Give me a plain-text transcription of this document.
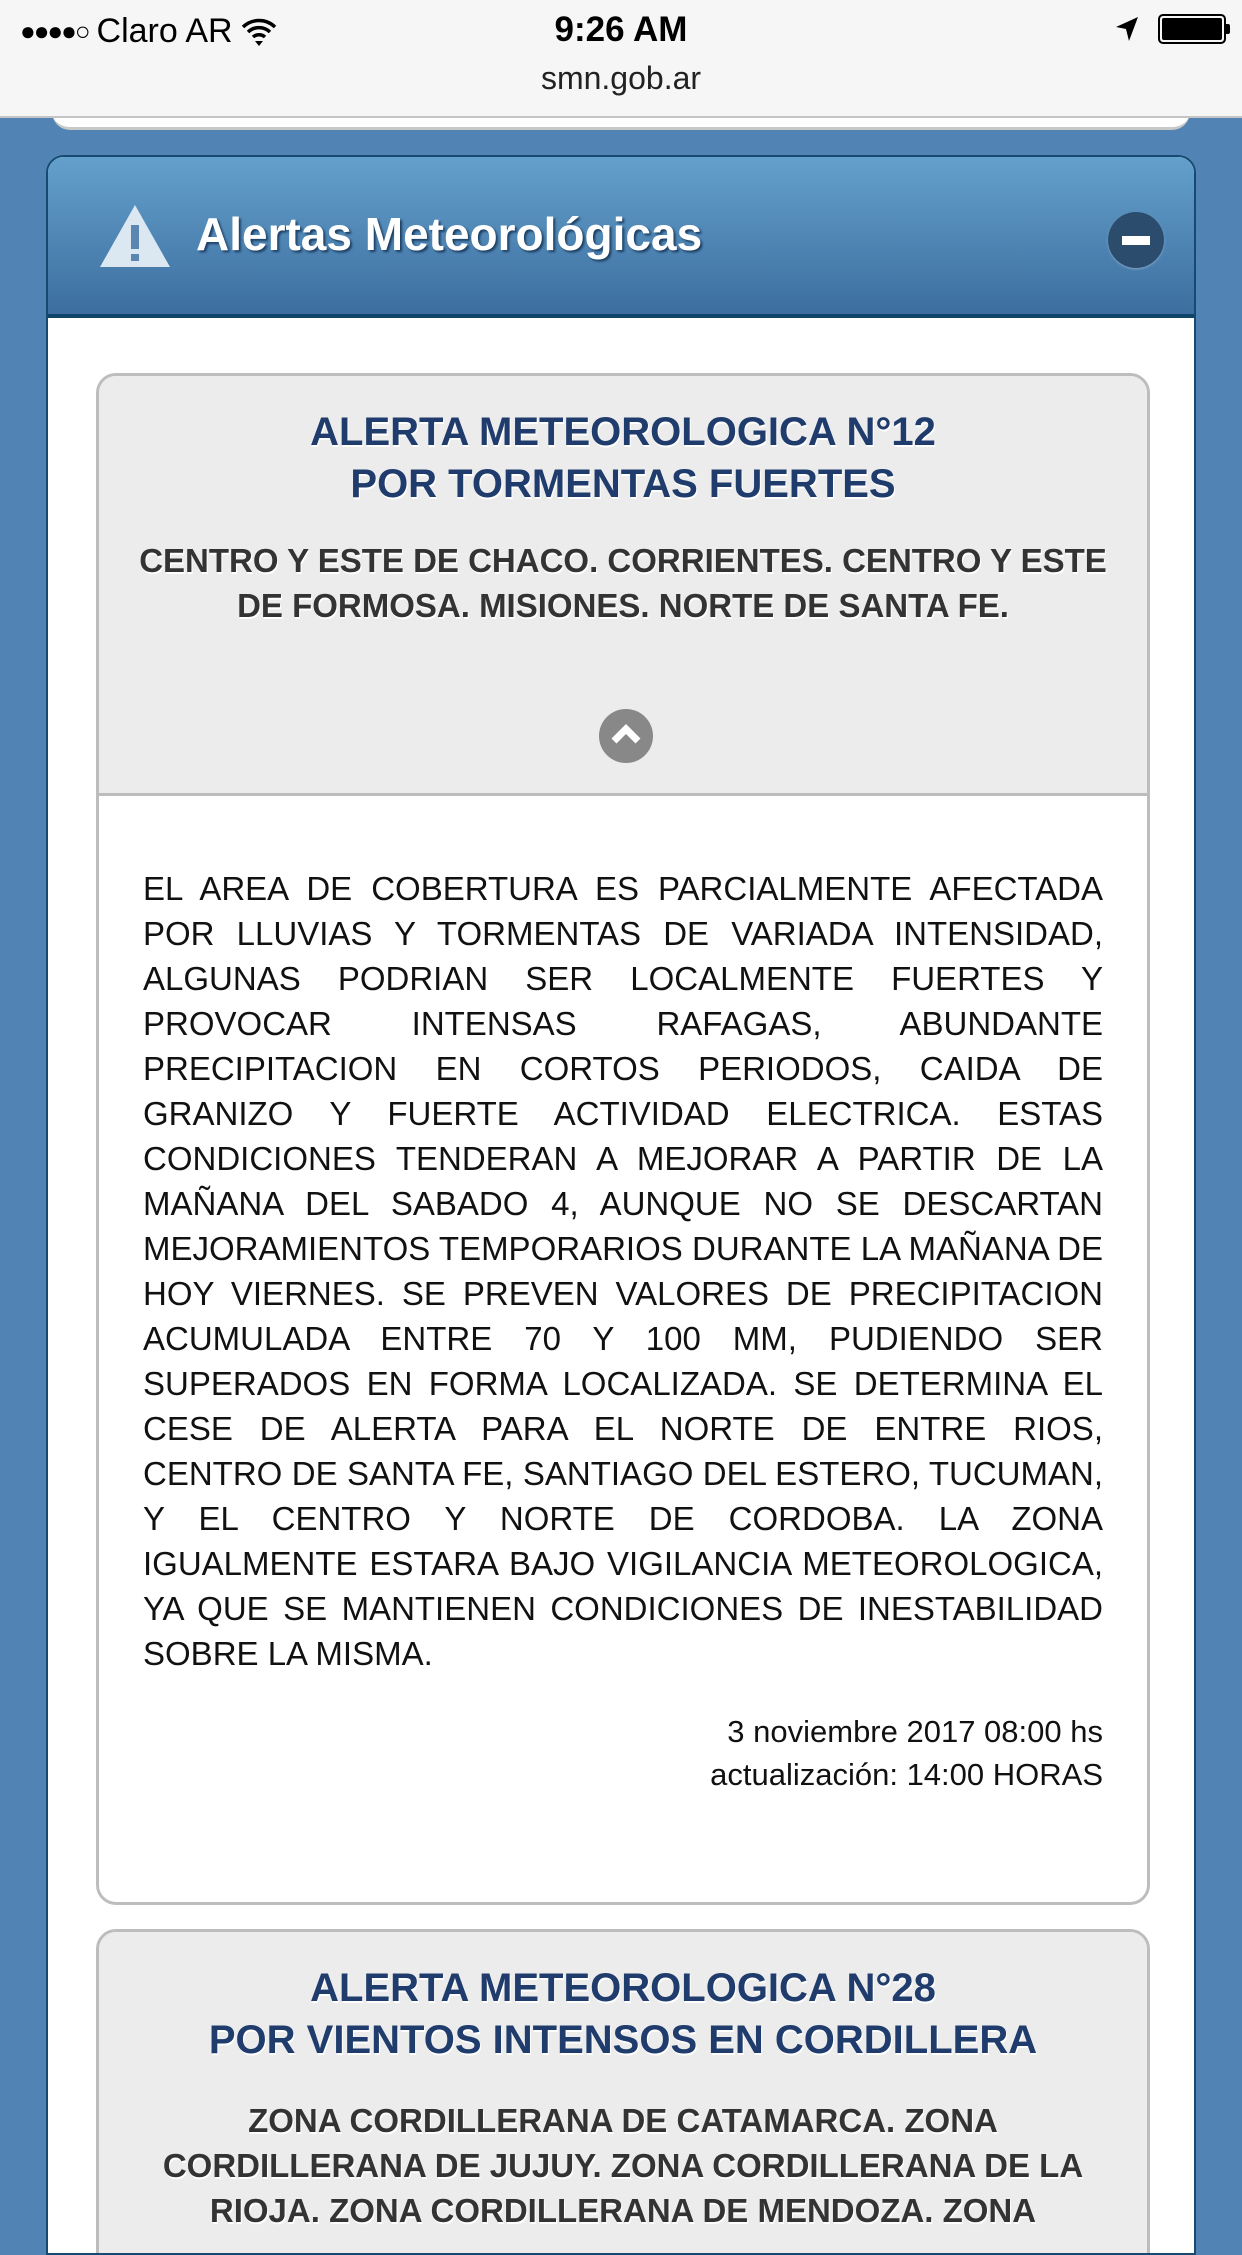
●●●●○ Claro AR	9:26 AM
smn.gob.ar
Alertas Meteorológicas
ALERTA METEOROLOGICA N°12
POR TORMENTAS FUERTES
CENTRO Y ESTE DE CHACO. CORRIENTES. CENTRO Y ESTE DE FORMOSA. MISIONES. NORTE DE SANTA FE.
EL AREA DE COBERTURA ES PARCIALMENTE AFECTADA POR LLUVIAS Y TORMENTAS DE VARIADA INTENSIDAD, ALGUNAS PODRIAN SER LOCALMENTE FUERTES Y PROVOCAR INTENSAS RAFAGAS, ABUNDANTE PRECIPITACION EN CORTOS PERIODOS, CAIDA DE GRANIZO Y FUERTE ACTIVIDAD ELECTRICA. ESTAS CONDICIONES TENDERAN A MEJORAR A PARTIR DE LA MAÑANA DEL SABADO 4, AUNQUE NO SE DESCARTAN MEJORAMIENTOS TEMPORARIOS DURANTE LA MAÑANA DE HOY VIERNES. SE PREVEN VALORES DE PRECIPITACION ACUMULADA ENTRE 70 Y 100 MM, PUDIENDO SER SUPERADOS EN FORMA LOCALIZADA. SE DETERMINA EL CESE DE ALERTA PARA EL NORTE DE ENTRE RIOS, CENTRO DE SANTA FE, SANTIAGO DEL ESTERO, TUCUMAN, Y EL CENTRO Y NORTE DE CORDOBA. LA ZONA IGUALMENTE ESTARA BAJO VIGILANCIA METEOROLOGICA, YA QUE SE MANTIENEN CONDICIONES DE INESTABILIDAD SOBRE LA MISMA.
3 noviembre 2017 08:00 hs
actualización: 14:00 HORAS
ALERTA METEOROLOGICA N°28
POR VIENTOS INTENSOS EN CORDILLERA
ZONA CORDILLERANA DE CATAMARCA. ZONA CORDILLERANA DE JUJUY. ZONA CORDILLERANA DE LA RIOJA. ZONA CORDILLERANA DE MENDOZA. ZONA
